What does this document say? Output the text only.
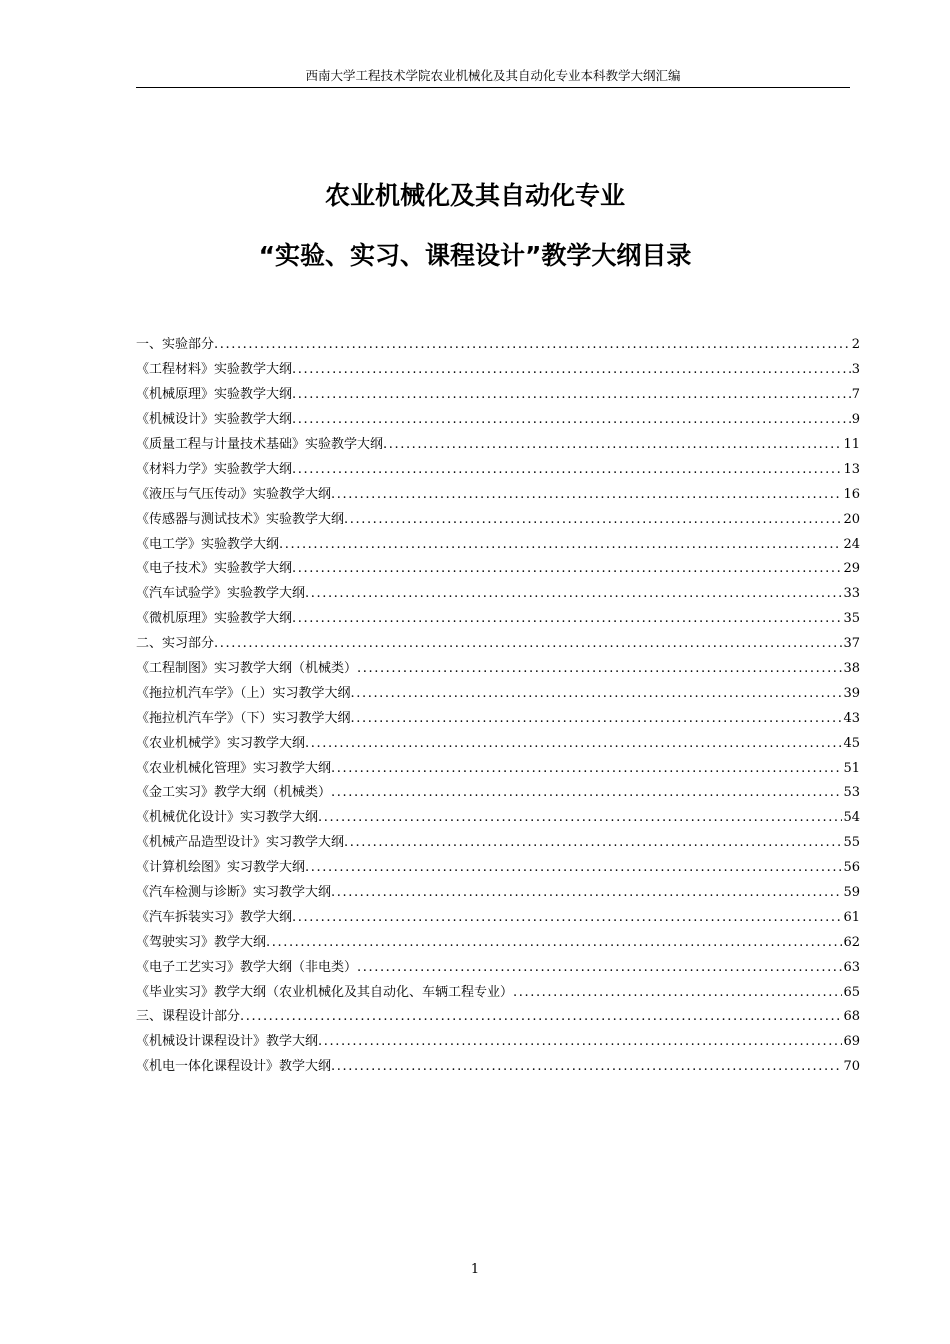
西南大学工程技术学院农业机械化及其自动化专业本科教学大纲汇编
农业机械化及其自动化专业
“实验、实习、课程设计”教学大纲目录
一、实验部分 .....	2
《工程材料》实验教学大纲 .....	3
《机械原理》实验教学大纲 .....	7
《机械设计》实验教学大纲 .....	9
《质量工程与计量技术基础》实验教学大纲 .....	11
《材料力学》实验教学大纲 .....	13
《液压与气压传动》实验教学大纲 .....	16
《传感器与测试技术》实验教学大纲 .....	20
《电工学》实验教学大纲 .....	24
《电子技术》实验教学大纲 .....	29
《汽车试验学》实验教学大纲 .....	33
《微机原理》实验教学大纲 .....	35
二、实习部分 .....	37
《工程制图》实习教学大纲（机械类） .....	38
《拖拉机汽车学》（上）实习教学大纲 .....	39
《拖拉机汽车学》（下）实习教学大纲 .....	43
《农业机械学》实习教学大纲 .....	45
《农业机械化管理》实习教学大纲 .....	51
《金工实习》教学大纲（机械类） .....	53
《机械优化设计》实习教学大纲 .....	54
《机械产品造型设计》实习教学大纲 .....	55
《计算机绘图》实习教学大纲 .....	56
《汽车检测与诊断》实习教学大纲 .....	59
《汽车拆装实习》教学大纲 .....	61
《驾驶实习》教学大纲 .....	62
《电子工艺实习》教学大纲（非电类） .....	63
《毕业实习》教学大纲（农业机械化及其自动化、车辆工程专业） .....	65
三、课程设计部分 .....	68
《机械设计课程设计》教学大纲 .....	69
《机电一体化课程设计》教学大纲 .....	70
1
